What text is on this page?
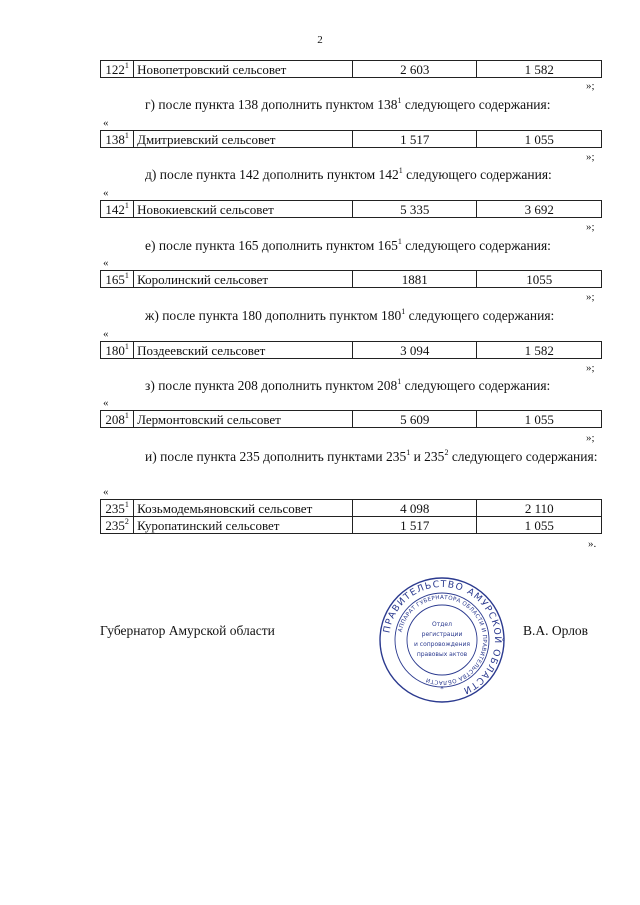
2
$122^1$	Новопетровский сельсовет	2 603	1 582
»;
г) после пункта 138 дополнить пунктом $138^1$ следующего содержания:
«
$138^1$	Дмитриевский сельсовет	1 517	1 055
»;
д) после пункта 142 дополнить пунктом $142^1$ следующего содержания:
«
$142^1$	Новокиевский сельсовет	5 335	3 692
»;
е) после пункта 165 дополнить пунктом $165^1$ следующего содержания:
«
$165^1$	Королинский сельсовет	1881	1055
»;
ж) после пункта 180 дополнить пунктом $180^1$ следующего содержания:
«
$180^1$	Поздеевский сельсовет	3 094	1 582
»;
з) после пункта 208 дополнить пунктом $208^1$ следующего содержания:
«
$208^1$	Лермонтовский сельсовет	5 609	1 055
»;
и) после пункта 235 дополнить пунктами $235^1$ и $235^2$ следующего содержания:
«
$235^1$	Козьмодемьяновский сельсовет	4 098	2 110
$235^2$	Куропатинский сельсовет	1 517	1 055
».
Губернатор Амурской области	ПРАВИТЕЛЬСТВО АМУРСКОЙ ОБЛАСТИ
АППАРАТ ГУБЕРНАТОРА ОБЛАСТИ И ПРАВИТЕЛЬСТВА ОБЛАСТИ
Отдел
регистрации
и сопровождения
правовых актов
*
В.А. Орлов
